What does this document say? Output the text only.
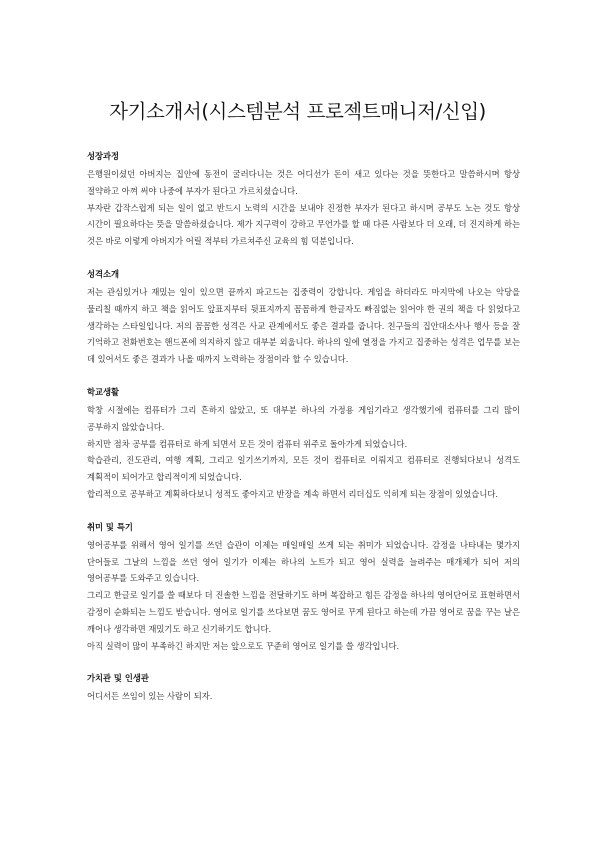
자기소개서(시스템분석 프로젝트매니저/신입)
성장과정

은행원이셨던 아버지는 집안에 동전이 굴러다니는 것은 어디선가 돈이 새고 있다는 것을 뜻한다고 말씀하시며 항상 절약하고 아껴 써야 나중에 부자가 된다고 가르치셨습니다.

부자란 갑작스럽게 되는 일이 없고 반드시 노력의 시간을 보내야 진정한 부자가 된다고 하시며 공부도 노는 것도 항상 시간이 필요하다는 뜻을 말씀하셨습니다. 제가 지구력이 강하고 무언가를 할 때 다른 사람보다 더 오래, 더 진지하게 하는 것은 바로 이렇게 아버지가 어릴 적부터 가르쳐주신 교육의 힘 덕분입니다.

성격소개

저는 관심있거나 재밌는 일이 있으면 끝까지 파고드는 집중력이 강합니다. 게임을 하더라도 마지막에 나오는 악당을 물리칠 때까지 하고 책을 읽어도 앞표지부터 뒷표지까지 꼼꼼하게 한글자도 빠짐없는 읽어야 한 권의 책을 다 읽었다고 생각하는 스타일입니다. 저의 꼼꼼한 성격은 사교 관계에서도 좋은 결과를 줍니다. 친구들의 집안대소사나 행사 등을 잘 기억하고 전화번호는 핸드폰에 의지하지 않고 대부분 외웁니다. 하나의 일에 열정을 가지고 집중하는 성격은 업무를 보는 데 있어서도 좋은 결과가 나올 때까지 노력하는 장점이라 할 수 있습니다.

학교생활

학창 시절에는 컴퓨터가 그리 흔하지 않았고, 또 대부분 하나의 가정용 게임기라고 생각했기에 컴퓨터를 그리 많이 공부하지 않았습니다.

하지만 점차 공부를 컴퓨터로 하게 되면서 모든 것이 컴퓨터 위주로 돌아가게 되었습니다.

학습관리, 진도관리, 여행 계획, 그리고 일기쓰기까지, 모든 것이 컴퓨터로 이뤄지고 컴퓨터로 진행되다보니 성격도 계획적이 되어가고 합리적이게 되었습니다.

합리적으로 공부하고 계획하다보니 성적도 좋아지고 반장을 계속 하면서 리더십도 익히게 되는 장점이 있었습니다.

취미 및 특기

영어공부를 위해서 영어 일기를 쓰던 습관이 이제는 매일매일 쓰게 되는 취미가 되었습니다. 감정을 나타내는 몇가지 단어들로 그날의 느낌을 쓰던 영어 일기가 이제는 하나의 노트가 되고 영어 실력을 늘려주는 매개체가 되어 저의 영어공부를 도와주고 있습니다.

그리고 한글로 일기를 쓸 때보다 더 진솔한 느낌을 전달하기도 하며 복잡하고 힘든 감정을 하나의 영어단어로 표현하면서 감정이 순화되는 느낌도 받습니다. 영어로 일기를 쓰다보면 꿈도 영어로 꾸게 된다고 하는데 가끔 영어로 꿈을 꾸는 날은 깨어나 생각하면 재밌기도 하고 신기하기도 합니다.

아직 실력이 많이 부족하긴 하지만 저는 앞으로도 꾸준히 영어로 일기를 쓸 생각입니다.

가치관 및 인생관

어디서든 쓰임이 있는 사람이 되자.
